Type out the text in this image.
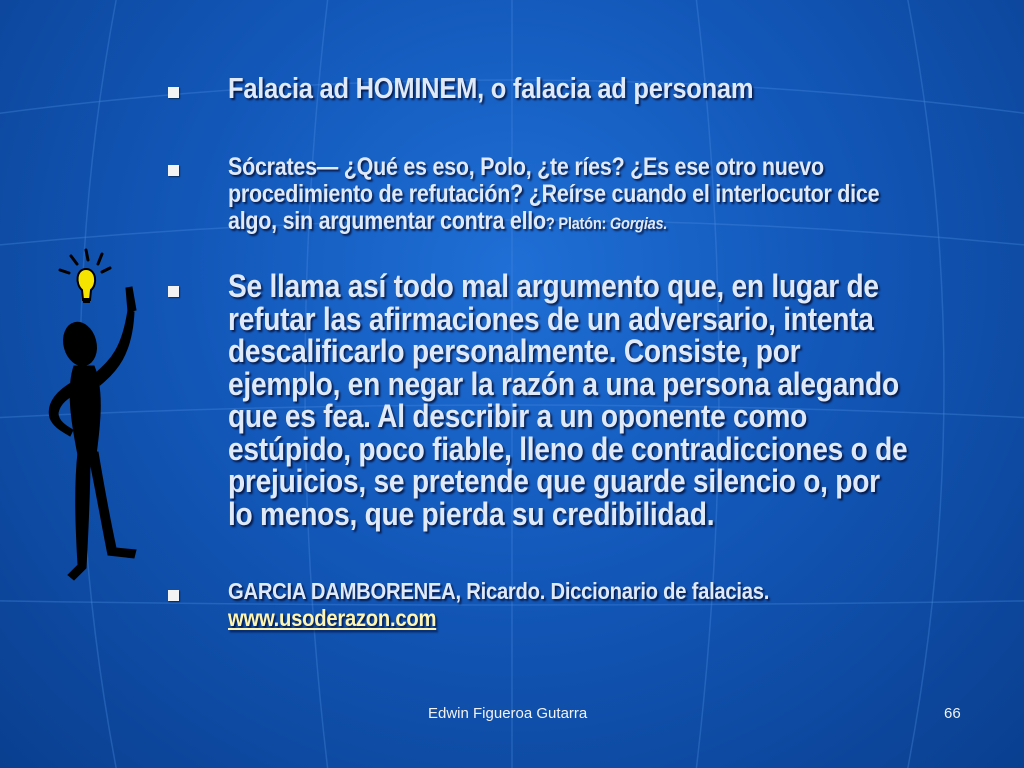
Falacia ad HOMINEM, o falacia ad personam
Sócrates— ¿Qué es eso, Polo, ¿te ríes? ¿Es ese otro nuevo procedimiento de refutación? ¿Reírse cuando el interlocutor dice algo, sin argumentar contra ello? Platón: Gorgias.
Se llama así todo mal argumento que, en lugar de refutar las afirmaciones de un adversario, intenta descalificarlo personalmente. Consiste, por ejemplo, en negar la razón a una persona alegando que es fea. Al describir a un oponente como estúpido, poco fiable, lleno de contradicciones o de prejuicios, se pretende que guarde silencio o, por lo menos, que pierda su credibilidad.
GARCIA DAMBORENEA, Ricardo. Diccionario de falacias.
www.usoderazon.com
Edwin Figueroa Gutarra	66
